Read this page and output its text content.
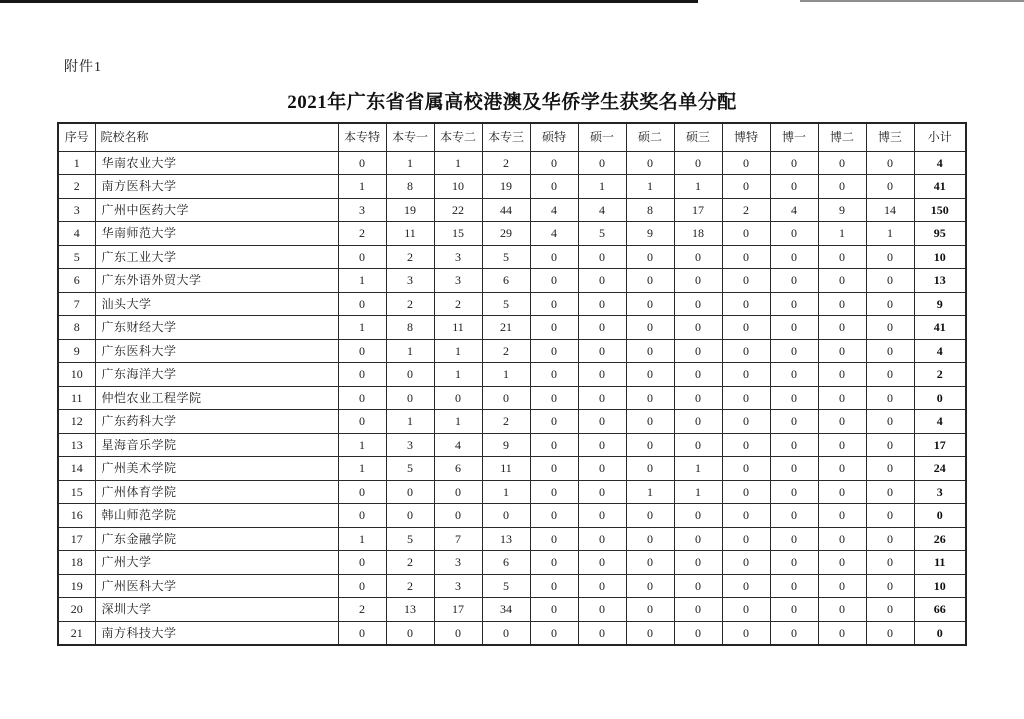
附件1
2021年广东省省属高校港澳及华侨学生获奖名单分配
序号	院校名称	本专特	本专一	本专二	本专三	硕特	硕一	硕二	硕三	博特	博一	博二	博三	小计
1	华南农业大学	0	1	1	2	0	0	0	0	0	0	0	0	4
2	南方医科大学	1	8	10	19	0	1	1	1	0	0	0	0	41
3	广州中医药大学	3	19	22	44	4	4	8	17	2	4	9	14	150
4	华南师范大学	2	11	15	29	4	5	9	18	0	0	1	1	95
5	广东工业大学	0	2	3	5	0	0	0	0	0	0	0	0	10
6	广东外语外贸大学	1	3	3	6	0	0	0	0	0	0	0	0	13
7	汕头大学	0	2	2	5	0	0	0	0	0	0	0	0	9
8	广东财经大学	1	8	11	21	0	0	0	0	0	0	0	0	41
9	广东医科大学	0	1	1	2	0	0	0	0	0	0	0	0	4
10	广东海洋大学	0	0	1	1	0	0	0	0	0	0	0	0	2
11	仲恺农业工程学院	0	0	0	0	0	0	0	0	0	0	0	0	0
12	广东药科大学	0	1	1	2	0	0	0	0	0	0	0	0	4
13	星海音乐学院	1	3	4	9	0	0	0	0	0	0	0	0	17
14	广州美术学院	1	5	6	11	0	0	0	1	0	0	0	0	24
15	广州体育学院	0	0	0	1	0	0	1	1	0	0	0	0	3
16	韩山师范学院	0	0	0	0	0	0	0	0	0	0	0	0	0
17	广东金融学院	1	5	7	13	0	0	0	0	0	0	0	0	26
18	广州大学	0	2	3	6	0	0	0	0	0	0	0	0	11
19	广州医科大学	0	2	3	5	0	0	0	0	0	0	0	0	10
20	深圳大学	2	13	17	34	0	0	0	0	0	0	0	0	66
21	南方科技大学	0	0	0	0	0	0	0	0	0	0	0	0	0
